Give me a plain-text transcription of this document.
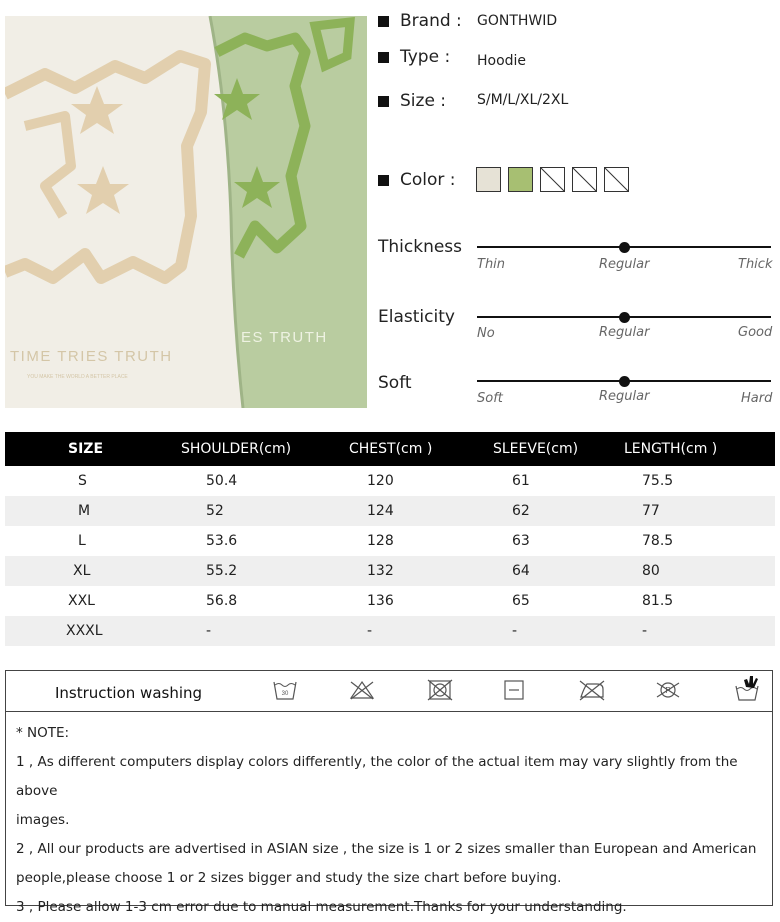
TIME TRIES TRUTH
YOU MAKE THE WORLD A BETTER PLACE
ES TRUTH
Brand : GONTHWID
Type : Hoodie
Size : S/M/L/XL/2XL
Color :
Thickness
Thin	Regular	Thick
Elasticity
No	Regular	Good
Soft
Soft	Regular	Hard
SIZE	SHOULDER(cm)	CHEST(cm )	SLEEVE(cm)	LENGTH(cm )
S	50.4	120	61	75.5
M	52	124	62	77
L	53.6	128	63	78.5
XL	55.2	132	64	80
XXL	56.8	136	65	81.5
XXXL	-	-	-	-
Instruction washing	30
* NOTE:
1 , As different computers display colors differently, the color of the actual item may vary slightly from the above
images.
2 , All our products are advertised in ASIAN size , the size is 1 or 2 sizes smaller than European and American
people,please choose 1 or 2 sizes bigger and study the size chart before buying.
3 , Please allow 1-3 cm error due to manual measurement.Thanks for your understanding.
